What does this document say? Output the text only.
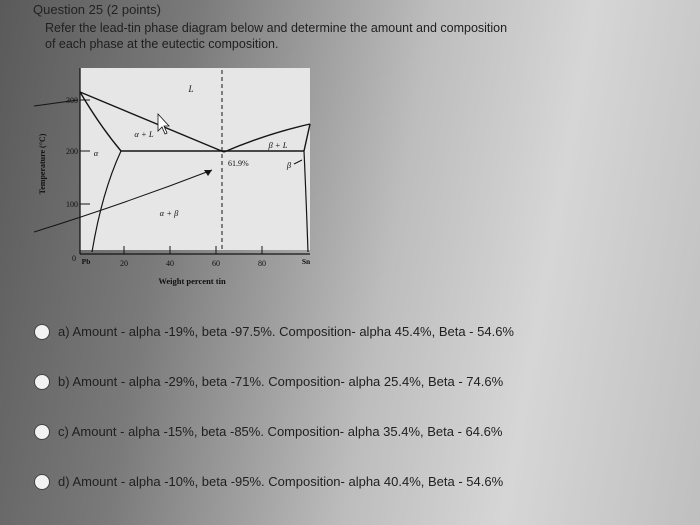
Question 25 (2 points)
Refer the lead-tin phase diagram below and determine the amount and composition
of each phase at the eutectic composition.
300
200
100
0 Pb	20	40	60	80	Sn
Weight percent tin
Temperature (°C)
L
α + L
α
β + L
β
α + β
61.9%
a) Amount - alpha -19%, beta -97.5%. Composition- alpha 45.4%, Beta - 54.6%
b) Amount - alpha -29%, beta -71%. Composition- alpha 25.4%, Beta - 74.6%
c) Amount - alpha -15%, beta -85%. Composition- alpha 35.4%, Beta - 64.6%
d) Amount - alpha -10%, beta -95%. Composition- alpha 40.4%, Beta - 54.6%
